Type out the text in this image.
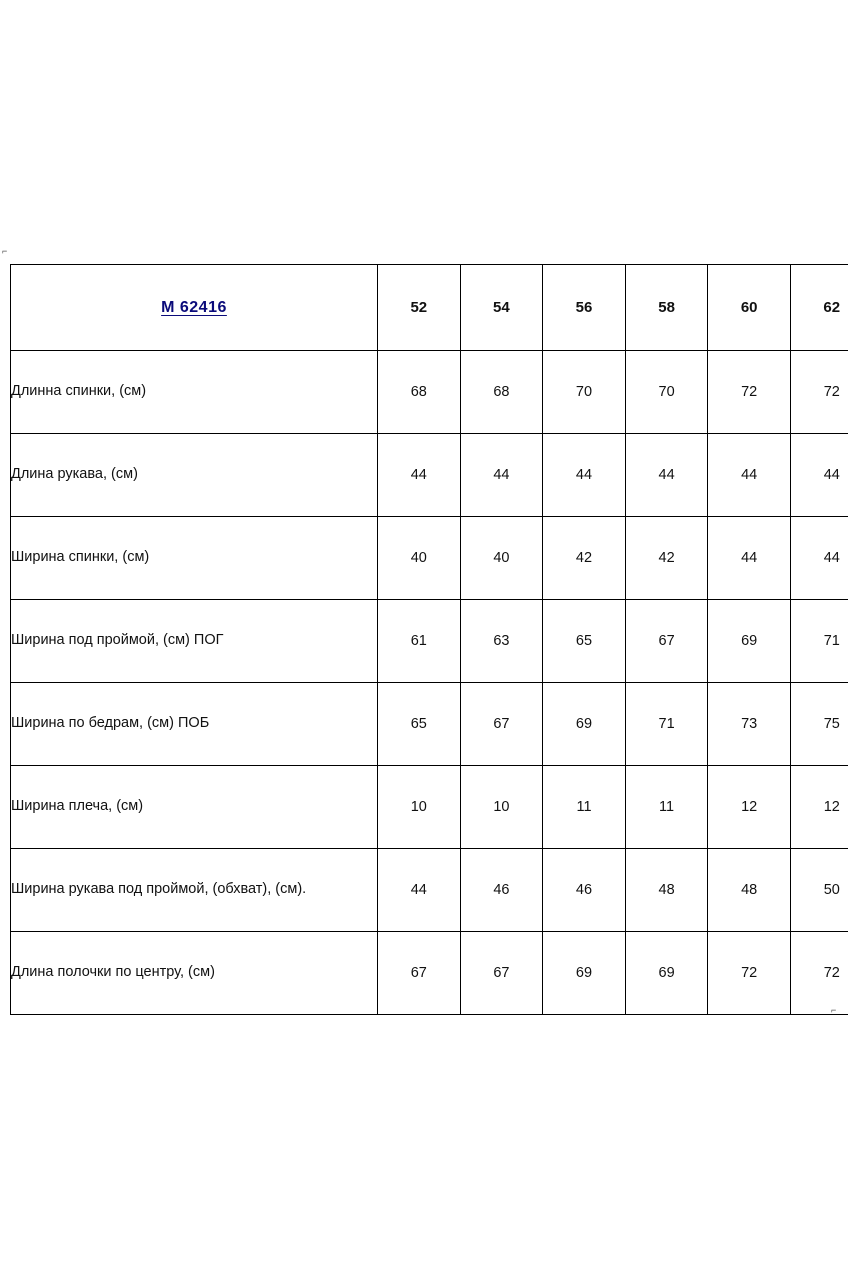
⌐
⌐
М 62416	52	54	56	58	60	62
Длинна спинки, (см)	68	68	70	70	72	72
Длина рукава, (см)	44	44	44	44	44	44
Ширина спинки, (см)	40	40	42	42	44	44
Ширина под проймой, (см) ПОГ	61	63	65	67	69	71
Ширина по бедрам, (см) ПОБ	65	67	69	71	73	75
Ширина плеча, (см)	10	10	11	11	12	12
Ширина рукава под проймой, (обхват), (см).	44	46	46	48	48	50
Длина полочки по центру, (см)	67	67	69	69	72	72
